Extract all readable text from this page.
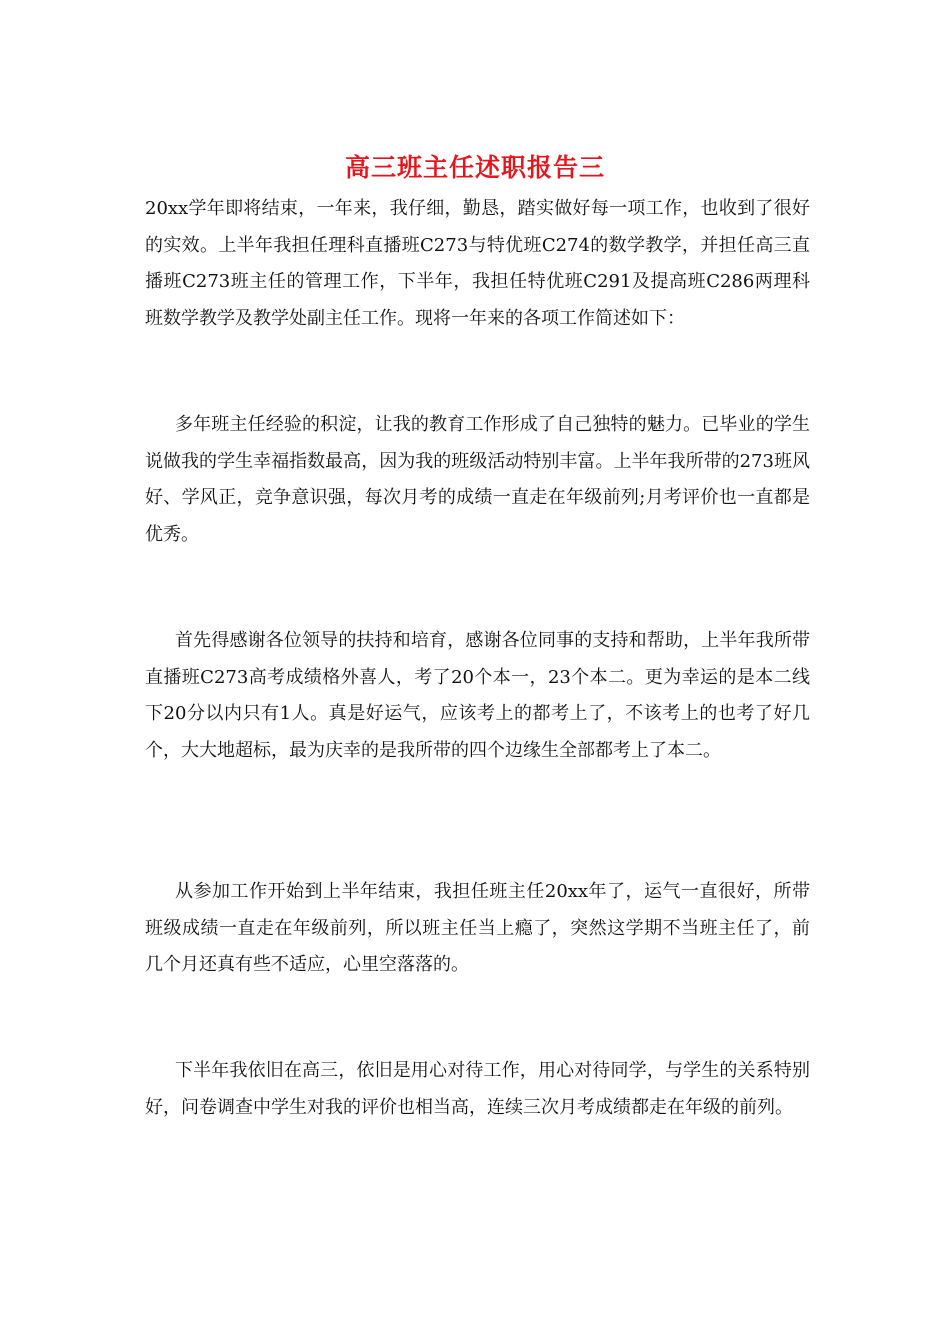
高三班主任述职报告三

20xx学年即将结束，一年来，我仔细，勤恳，踏实做好每一项工作，也收到了很好的实效。上半年我担任理科直播班C273与特优班C274的数学教学，并担任高三直播班C273班主任的管理工作，下半年，我担任特优班C291及提高班C286两理科班数学教学及教学处副主任工作。现将一年来的各项工作简述如下：

多年班主任经验的积淀，让我的教育工作形成了自己独特的魅力。已毕业的学生说做我的学生幸福指数最高，因为我的班级活动特别丰富。上半年我所带的273班风好、学风正，竞争意识强，每次月考的成绩一直走在年级前列;月考评价也一直都是优秀。

首先得感谢各位领导的扶持和培育，感谢各位同事的支持和帮助，上半年我所带直播班C273高考成绩格外喜人，考了20个本一，23个本二。更为幸运的是本二线下20分以内只有1人。真是好运气，应该考上的都考上了，不该考上的也考了好几个，大大地超标，最为庆幸的是我所带的四个边缘生全部都考上了本二。

从参加工作开始到上半年结束，我担任班主任20xx年了，运气一直很好，所带班级成绩一直走在年级前列，所以班主任当上瘾了，突然这学期不当班主任了，前几个月还真有些不适应，心里空落落的。

下半年我依旧在高三，依旧是用心对待工作，用心对待同学，与学生的关系特别好，问卷调查中学生对我的评价也相当高，连续三次月考成绩都走在年级的前列。
